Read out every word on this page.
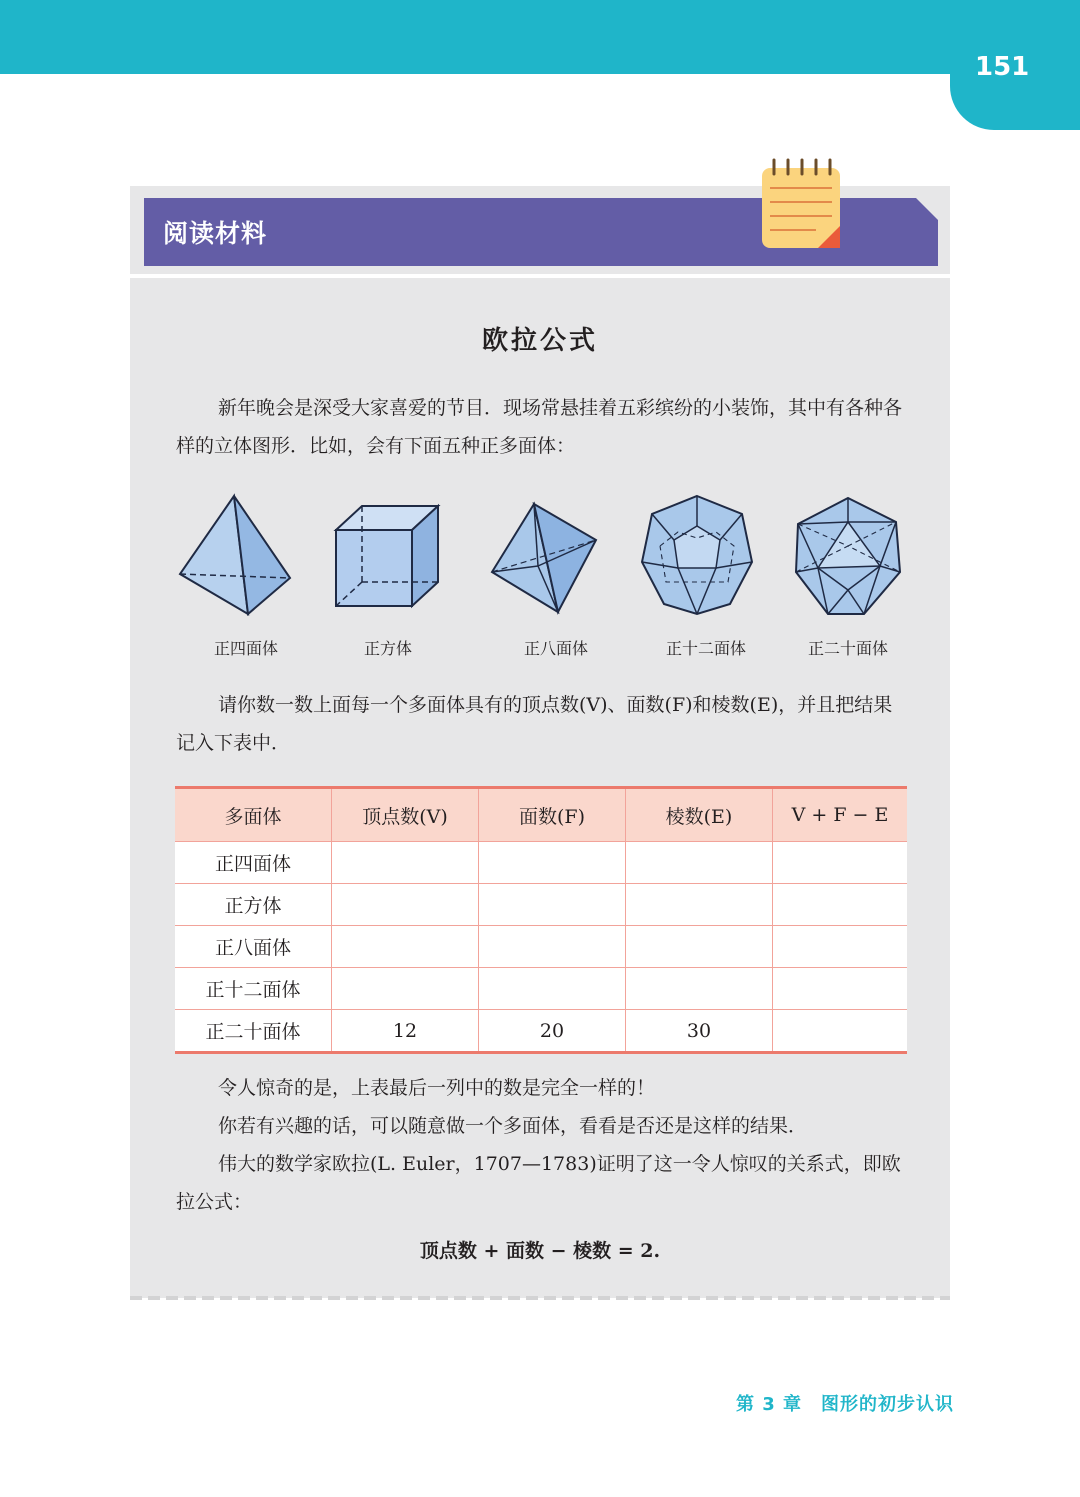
151
阅读材料
欧拉公式
新年晚会是深受大家喜爱的节目．现场常悬挂着五彩缤纷的小装饰，其中有各种各样的立体图形．比如，会有下面五种正多面体：
正四面体	正方体	正八面体	正十二面体	正二十面体
请你数一数上面每一个多面体具有的顶点数(V)、面数(F)和棱数(E)，并且把结果记入下表中．
多面体	顶点数(V)	面数(F)	棱数(E)	V + F − E
正四面体				
正方体				
正八面体				
正十二面体				
正二十面体	12	20	30	
令人惊奇的是，上表最后一列中的数是完全一样的！
你若有兴趣的话，可以随意做一个多面体，看看是否还是这样的结果．
伟大的数学家欧拉(L. Euler，1707—1783)证明了这一令人惊叹的关系式，即欧拉公式：
顶点数 + 面数 − 棱数 = 2.
第 3 章　图形的初步认识
